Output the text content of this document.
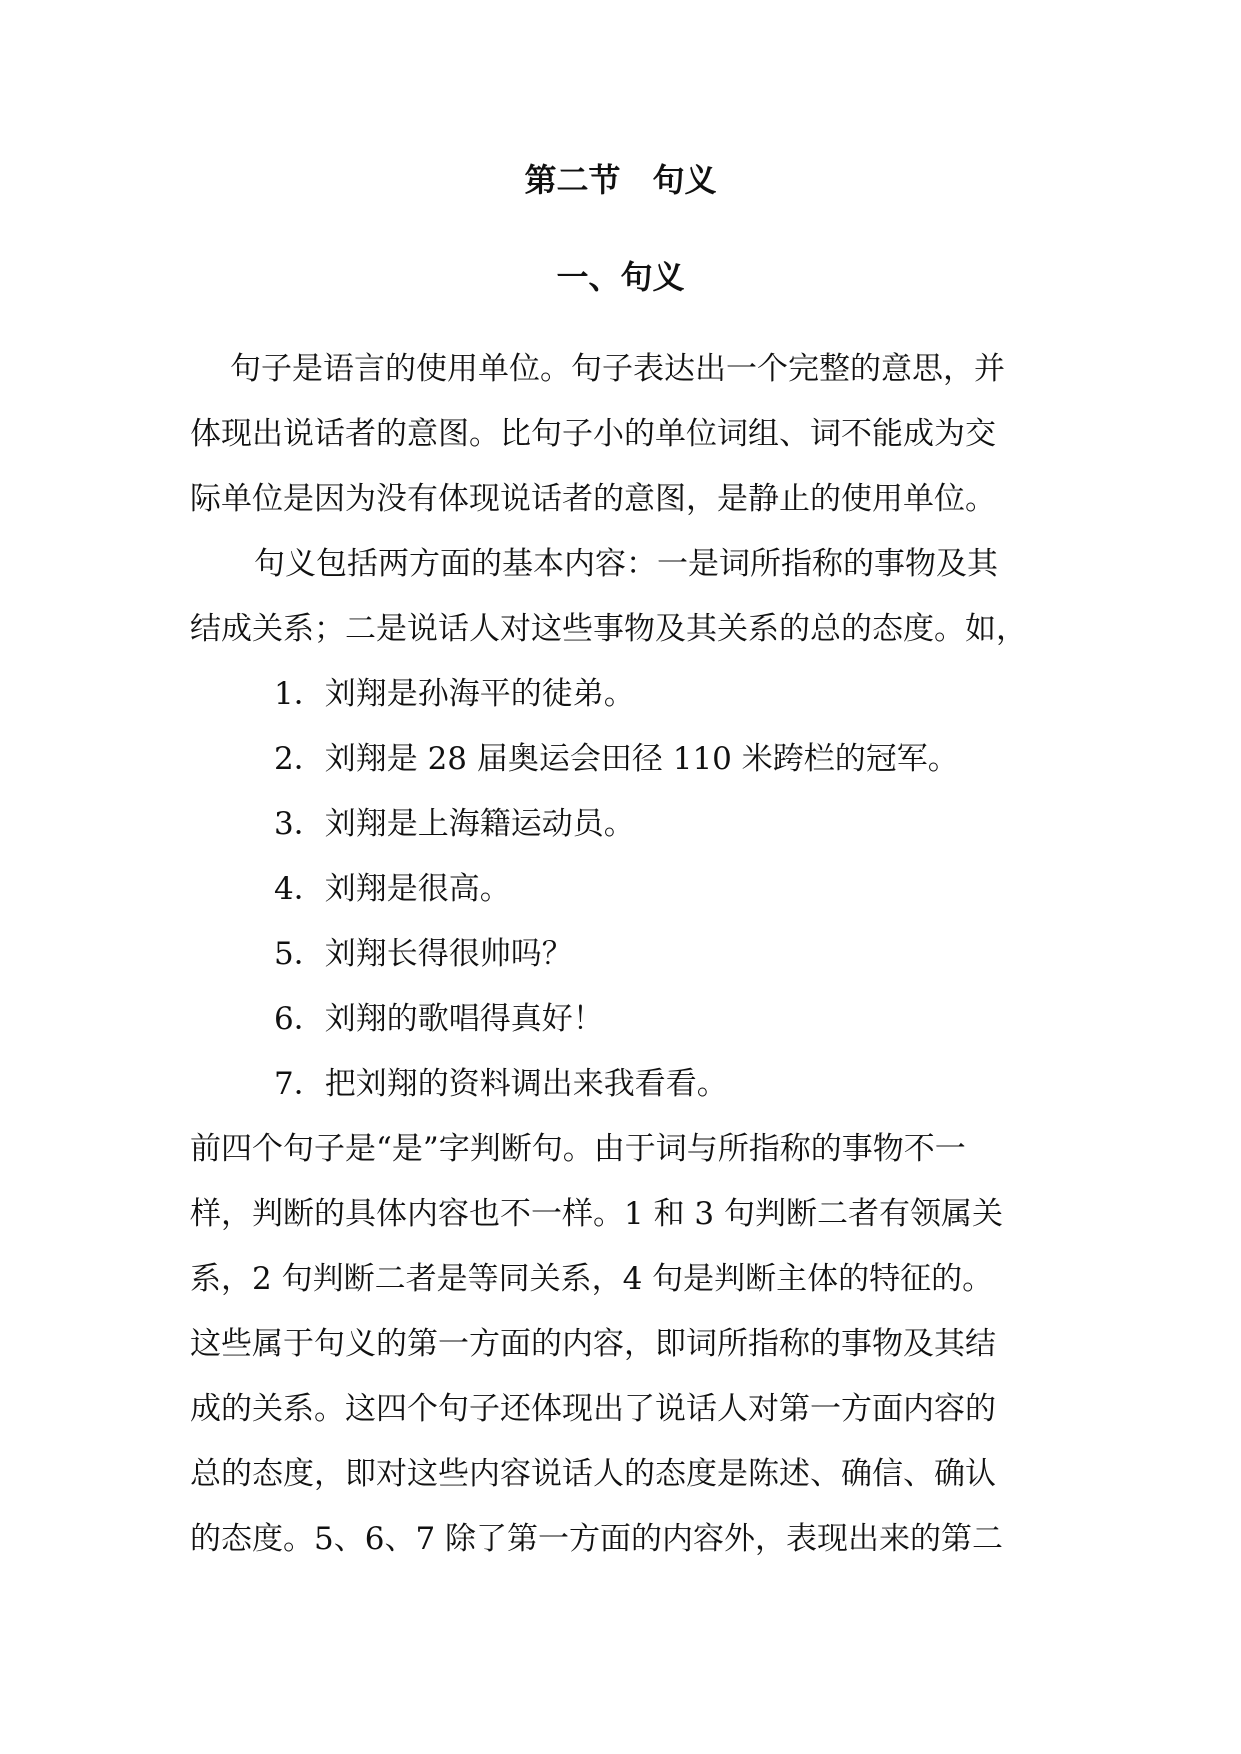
第二节　句义
一、句义
句子是语言的使用单位。句子表达出一个完整的意思，并
体现出说话者的意图。比句子小的单位词组、词不能成为交
际单位是因为没有体现说话者的意图，是静止的使用单位。
句义包括两方面的基本内容：一是词所指称的事物及其
结成关系；二是说话人对这些事物及其关系的总的态度。如，
1．刘翔是孙海平的徒弟。
2．刘翔是 28 届奥运会田径 110 米跨栏的冠军。
3．刘翔是上海籍运动员。
4．刘翔是很高。
5．刘翔长得很帅吗？
6．刘翔的歌唱得真好！
7．把刘翔的资料调出来我看看。
前四个句子是“是”字判断句。由于词与所指称的事物不一
样，判断的具体内容也不一样。1 和 3 句判断二者有领属关
系，2 句判断二者是等同关系，4 句是判断主体的特征的。
这些属于句义的第一方面的内容，即词所指称的事物及其结
成的关系。这四个句子还体现出了说话人对第一方面内容的
总的态度，即对这些内容说话人的态度是陈述、确信、确认
的态度。5、6、7 除了第一方面的内容外，表现出来的第二
